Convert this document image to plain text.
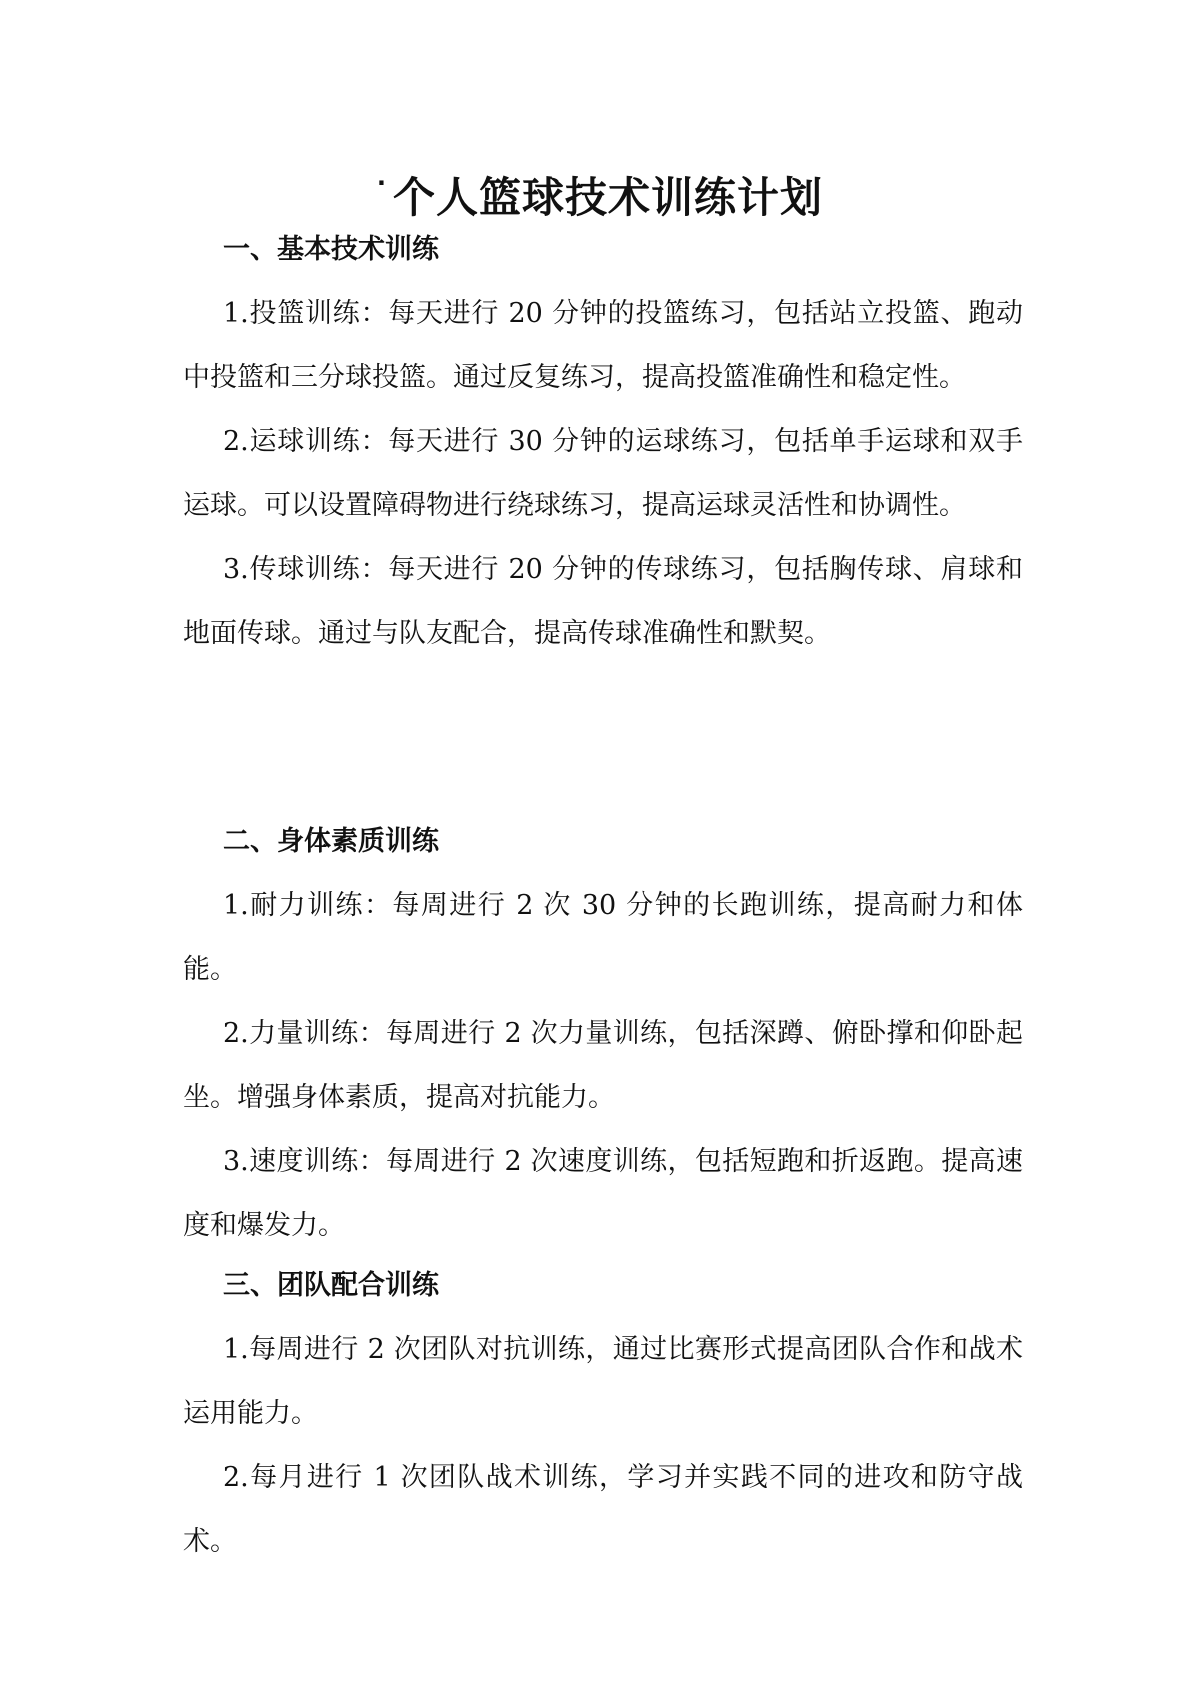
· 个人篮球技术训练计划
一、基本技术训练
1.投篮训练：每天进行 20 分钟的投篮练习，包括站立投篮、跑动中投篮和三分球投篮。通过反复练习，提高投篮准确性和稳定性。
2.运球训练：每天进行 30 分钟的运球练习，包括单手运球和双手运球。可以设置障碍物进行绕球练习，提高运球灵活性和协调性。
3.传球训练：每天进行 20 分钟的传球练习，包括胸传球、肩球和地面传球。通过与队友配合，提高传球准确性和默契。
二、身体素质训练
1.耐力训练：每周进行 2 次 30 分钟的长跑训练，提高耐力和体能。
2.力量训练：每周进行 2 次力量训练，包括深蹲、俯卧撑和仰卧起坐。增强身体素质，提高对抗能力。
3.速度训练：每周进行 2 次速度训练，包括短跑和折返跑。提高速度和爆发力。
三、团队配合训练
1.每周进行 2 次团队对抗训练，通过比赛形式提高团队合作和战术运用能力。
2.每月进行 1 次团队战术训练，学习并实践不同的进攻和防守战术。
